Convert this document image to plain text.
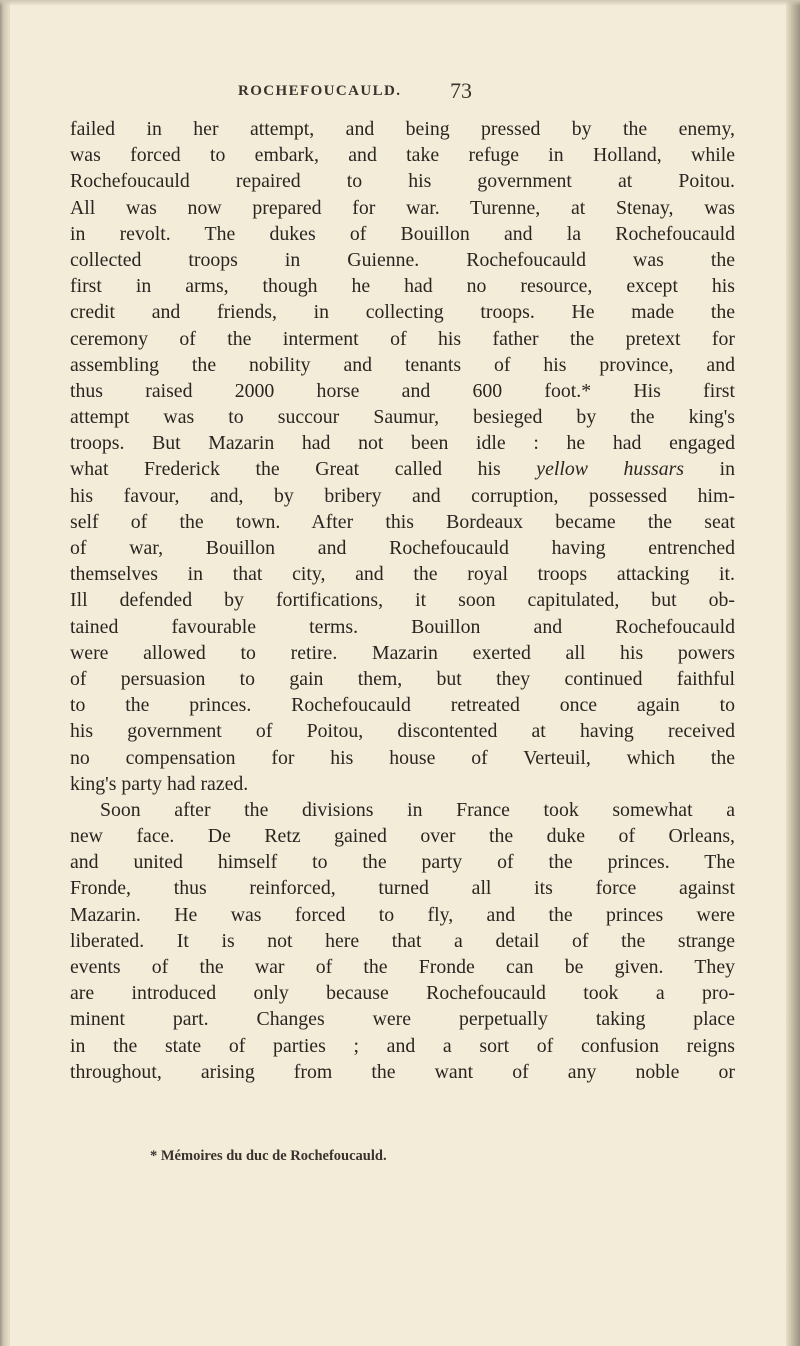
ROCHEFOUCAULD. 73
failed in her attempt, and being pressed by the enemy,
was forced to embark, and take refuge in Holland, while
Rochefoucauld repaired to his government at Poitou.
All was now prepared for war. Turenne, at Stenay, was
in revolt. The dukes of Bouillon and la Rochefoucauld
collected troops in Guienne. Rochefoucauld was the
first in arms, though he had no resource, except his
credit and friends, in collecting troops. He made the
ceremony of the interment of his father the pretext for
assembling the nobility and tenants of his province, and
thus raised 2000 horse and 600 foot.* His first
attempt was to succour Saumur, besieged by the king's
troops. But Mazarin had not been idle : he had engaged
what Frederick the Great called his yellow hussars in
his favour, and, by bribery and corruption, possessed him-
self of the town. After this Bordeaux became the seat
of war, Bouillon and Rochefoucauld having entrenched
themselves in that city, and the royal troops attacking it.
Ill defended by fortifications, it soon capitulated, but ob-
tained favourable terms. Bouillon and Rochefoucauld
were allowed to retire. Mazarin exerted all his powers
of persuasion to gain them, but they continued faithful
to the princes. Rochefoucauld retreated once again to
his government of Poitou, discontented at having received
no compensation for his house of Verteuil, which the
king's party had razed.
Soon after the divisions in France took somewhat a
new face. De Retz gained over the duke of Orleans,
and united himself to the party of the princes. The
Fronde, thus reinforced, turned all its force against
Mazarin. He was forced to fly, and the princes were
liberated. It is not here that a detail of the strange
events of the war of the Fronde can be given. They
are introduced only because Rochefoucauld took a pro-
minent part. Changes were perpetually taking place
in the state of parties ; and a sort of confusion reigns
throughout, arising from the want of any noble or
* Mémoires du duc de Rochefoucauld.
